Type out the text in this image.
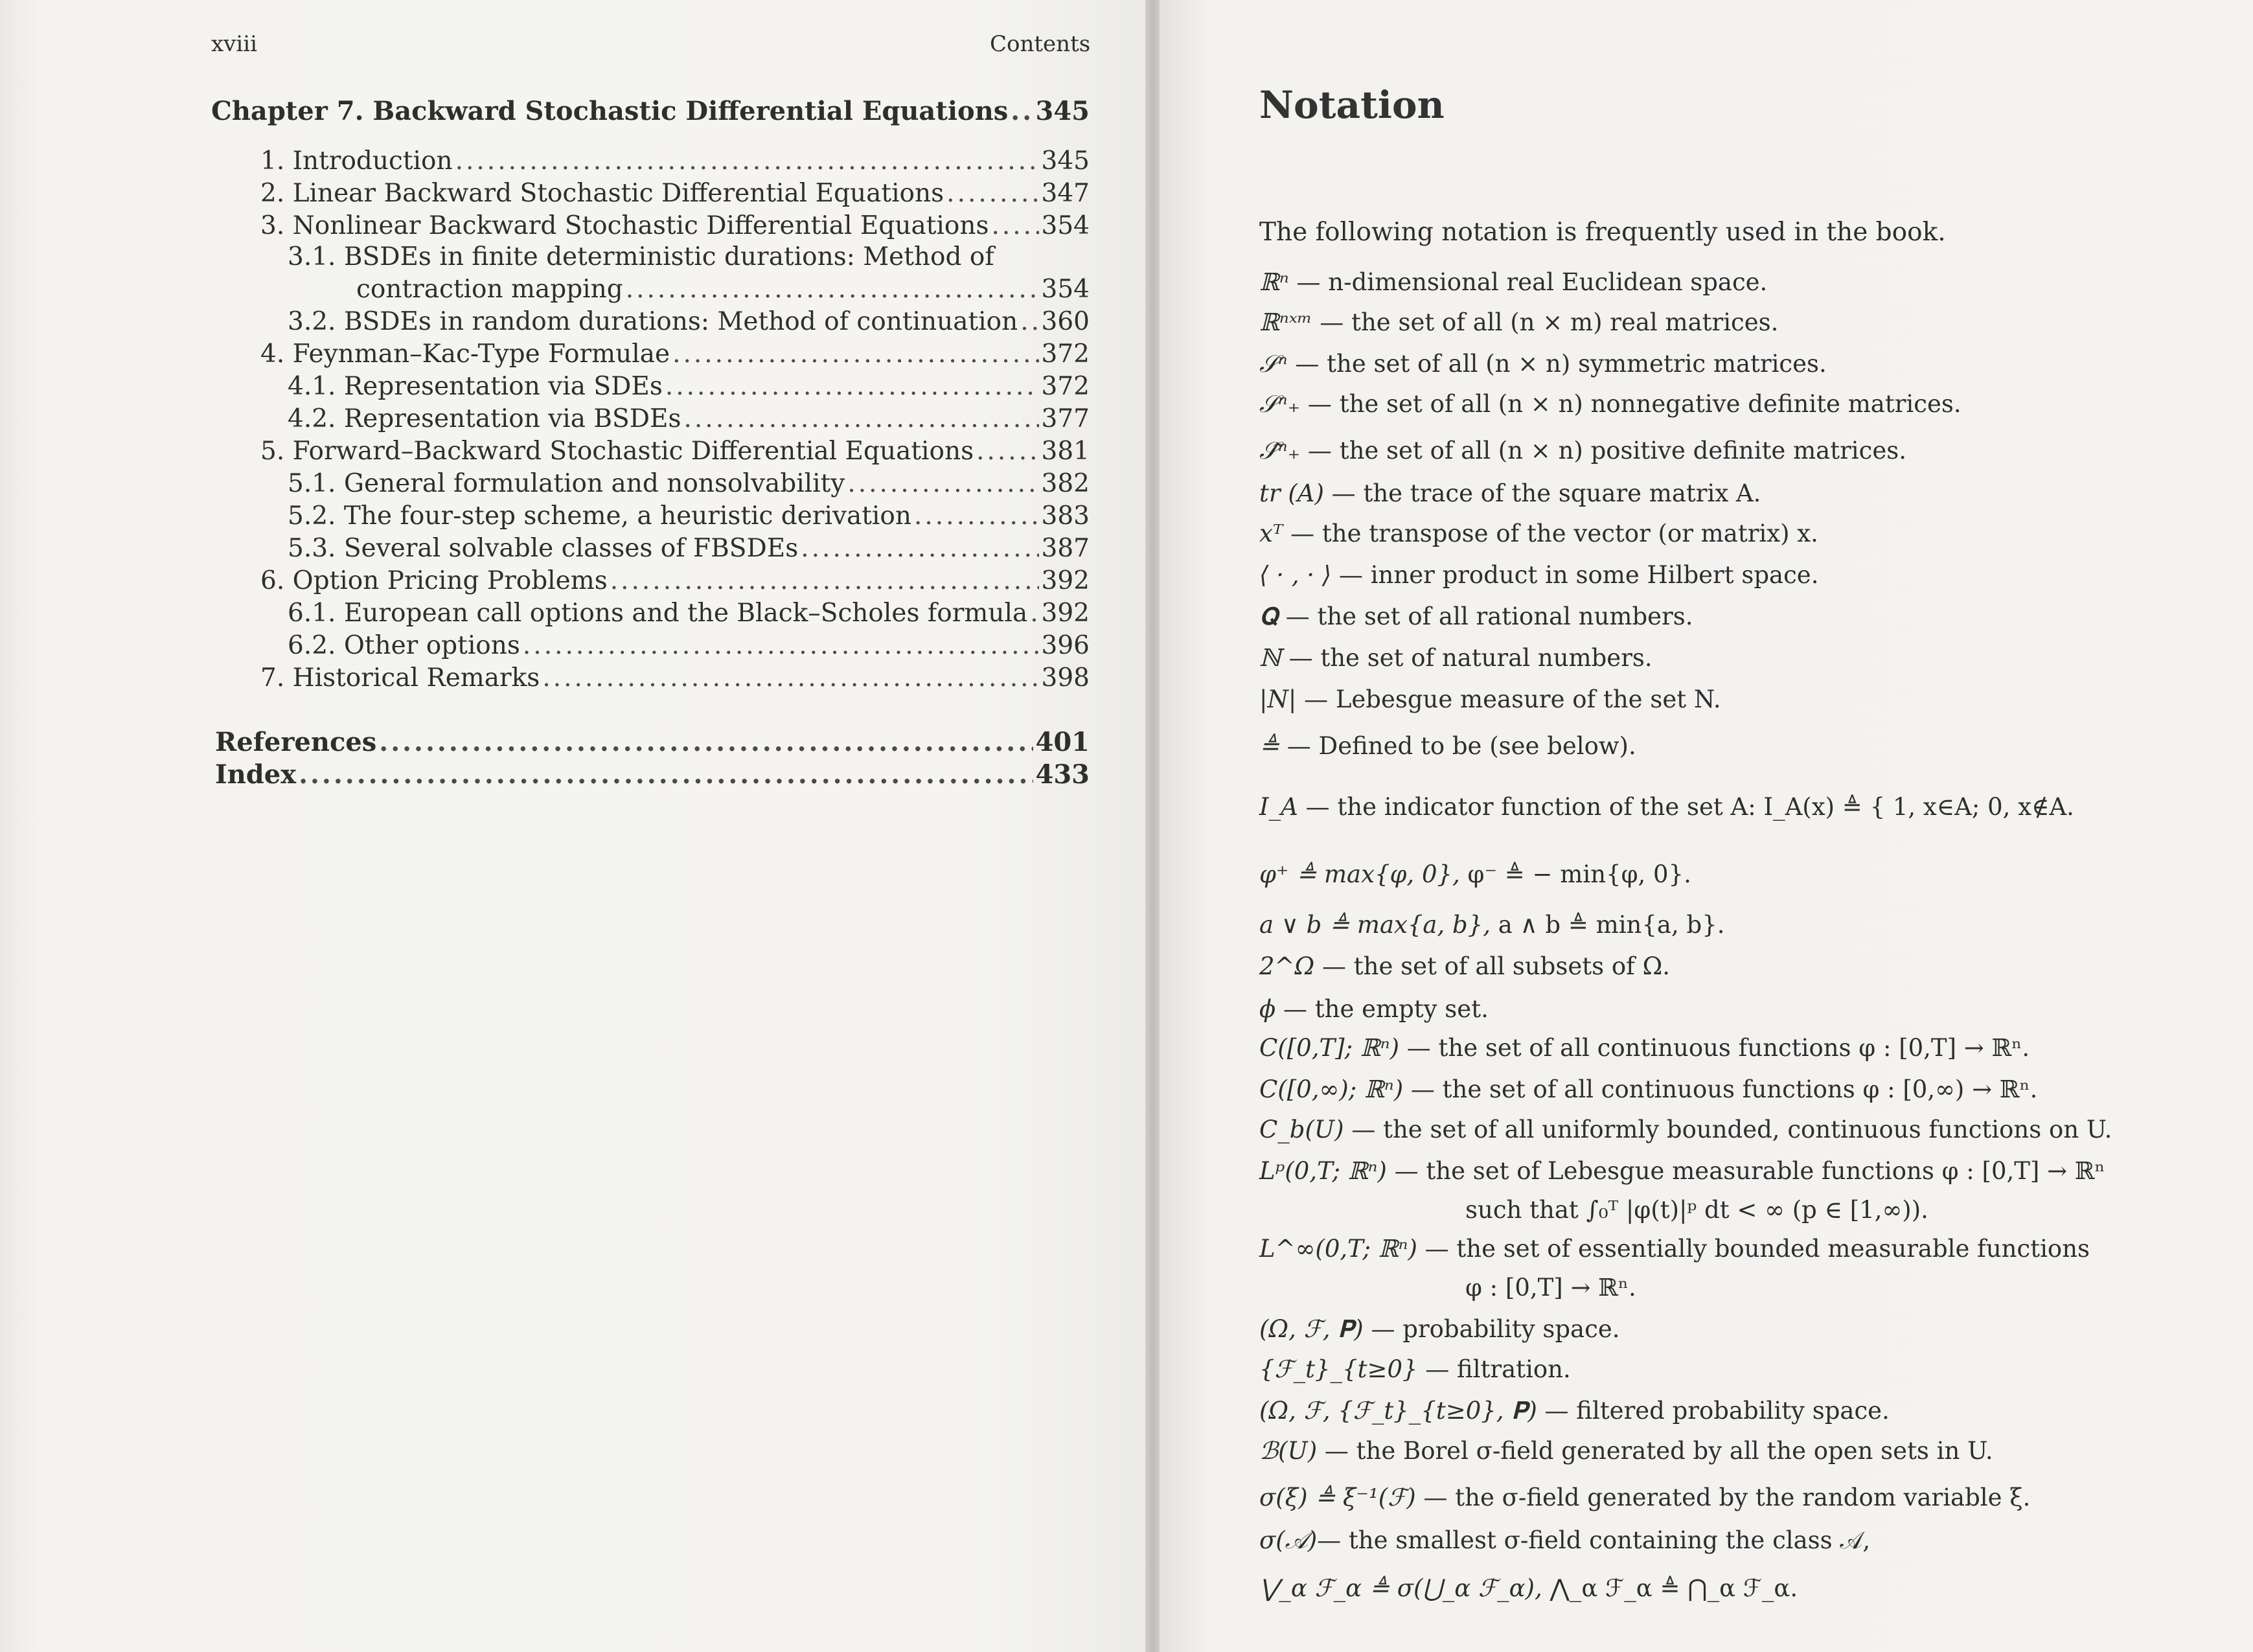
xviii	Contents
Chapter 7. Backward Stochastic Differential Equations ..... 345
1. Introduction .....	345
2. Linear Backward Stochastic Differential Equations .....	347
3. Nonlinear Backward Stochastic Differential Equations ..... 354
3.1. BSDEs in finite deterministic durations: Method of
contraction mapping .....	354
3.2. BSDEs in random durations: Method of continuation ..... 360
4. Feynman–Kac-Type Formulae .....	372
4.1. Representation via SDEs .....	372
4.2. Representation via BSDEs .....	377
5. Forward–Backward Stochastic Differential Equations .....	381
5.1. General formulation and nonsolvability .....	382
5.2. The four-step scheme, a heuristic derivation .....	383
5.3. Several solvable classes of FBSDEs .....	387
6. Option Pricing Problems .....	392
6.1. European call options and the Black–Scholes formula ..... 392
6.2. Other options .....	396
7. Historical Remarks .....	398
References .....	401
Index .....	433
Notation
The following notation is frequently used in the book.
ℝⁿ — n-dimensional real Euclidean space.
ℝⁿˣᵐ — the set of all (n × m) real matrices.
𝒮ⁿ — the set of all (n × n) symmetric matrices.
𝒮ⁿ₊ — the set of all (n × n) nonnegative definite matrices.
𝒮̂ⁿ₊ — the set of all (n × n) positive definite matrices.
tr (A) — the trace of the square matrix A.
xᵀ — the transpose of the vector (or matrix) x.
⟨ · , · ⟩ — inner product in some Hilbert space.
𝐐 — the set of all rational numbers.
ℕ — the set of natural numbers.
|N| — Lebesgue measure of the set N.
≜ — Defined to be (see below).
I_A — the indicator function of the set A: I_A(x) ≜ { 1, x∈A; 0, x∉A.
φ⁺ ≜ max{φ, 0}, φ⁻ ≜ − min{φ, 0}.
a ∨ b ≜ max{a, b}, a ∧ b ≜ min{a, b}.
2^Ω — the set of all subsets of Ω.
ϕ — the empty set.
C([0,T]; ℝⁿ) — the set of all continuous functions φ : [0,T] → ℝⁿ.
C([0,∞); ℝⁿ) — the set of all continuous functions φ : [0,∞) → ℝⁿ.
C_b(U) — the set of all uniformly bounded, continuous functions on U.
Lᵖ(0,T; ℝⁿ) — the set of Lebesgue measurable functions φ : [0,T] → ℝⁿ
such that ∫₀ᵀ |φ(t)|ᵖ dt < ∞ (p ∈ [1,∞)).
L^∞(0,T; ℝⁿ) — the set of essentially bounded measurable functions
φ : [0,T] → ℝⁿ.
(Ω, ℱ, 𝐏) — probability space.
{ℱ_t}_{t≥0} — filtration.
(Ω, ℱ, {ℱ_t}_{t≥0}, 𝐏) — filtered probability space.
ℬ(U) — the Borel σ-field generated by all the open sets in U.
σ(ξ) ≜ ξ⁻¹(ℱ) — the σ-field generated by the random variable ξ.
σ(𝒜)— the smallest σ-field containing the class 𝒜,
⋁_α ℱ_α ≜ σ(⋃_α ℱ_α), ⋀_α ℱ_α ≜ ⋂_α ℱ_α.
